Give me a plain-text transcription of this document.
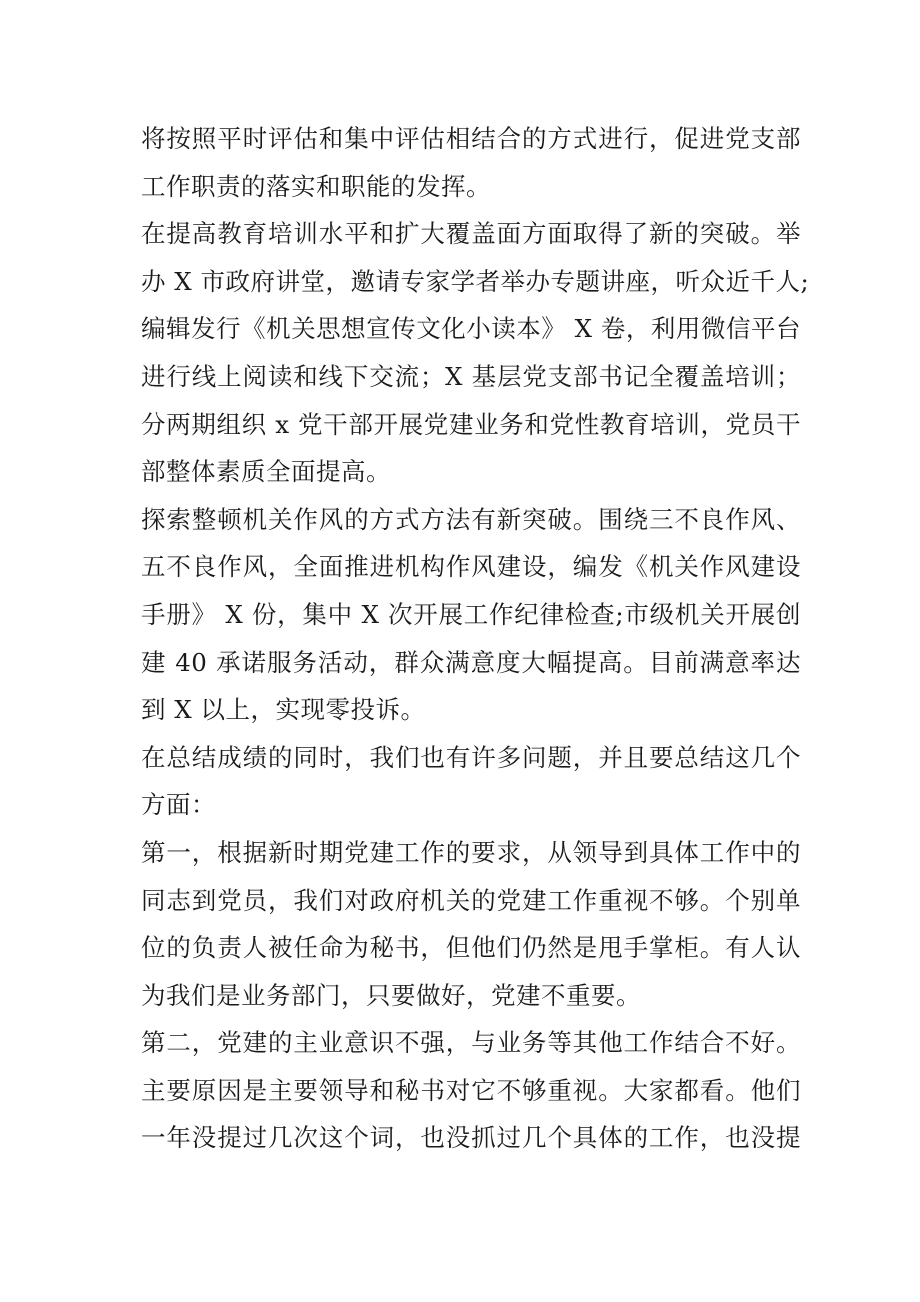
将按照平时评估和集中评估相结合的方式进行，促进党支部
工作职责的落实和职能的发挥。
在提高教育培训水平和扩大覆盖面方面取得了新的突破。举
办 X 市政府讲堂，邀请专家学者举办专题讲座，听众近千人;
编辑发行《机关思想宣传文化小读本》 X 卷，利用微信平台
进行线上阅读和线下交流；X 基层党支部书记全覆盖培训；
分两期组织 x 党干部开展党建业务和党性教育培训，党员干
部整体素质全面提高。
探索整顿机关作风的方式方法有新突破。围绕三不良作风、
五不良作风，全面推进机构作风建设，编发《机关作风建设
手册》 X 份，集中 X 次开展工作纪律检查;市级机关开展创
建 40 承诺服务活动，群众满意度大幅提高。目前满意率达
到 X 以上，实现零投诉。
在总结成绩的同时，我们也有许多问题，并且要总结这几个
方面：
第一，根据新时期党建工作的要求，从领导到具体工作中的
同志到党员，我们对政府机关的党建工作重视不够。个别单
位的负责人被任命为秘书，但他们仍然是甩手掌柜。有人认
为我们是业务部门，只要做好，党建不重要。
第二，党建的主业意识不强，与业务等其他工作结合不好。
主要原因是主要领导和秘书对它不够重视。大家都看。他们
一年没提过几次这个词，也没抓过几个具体的工作，也没提
